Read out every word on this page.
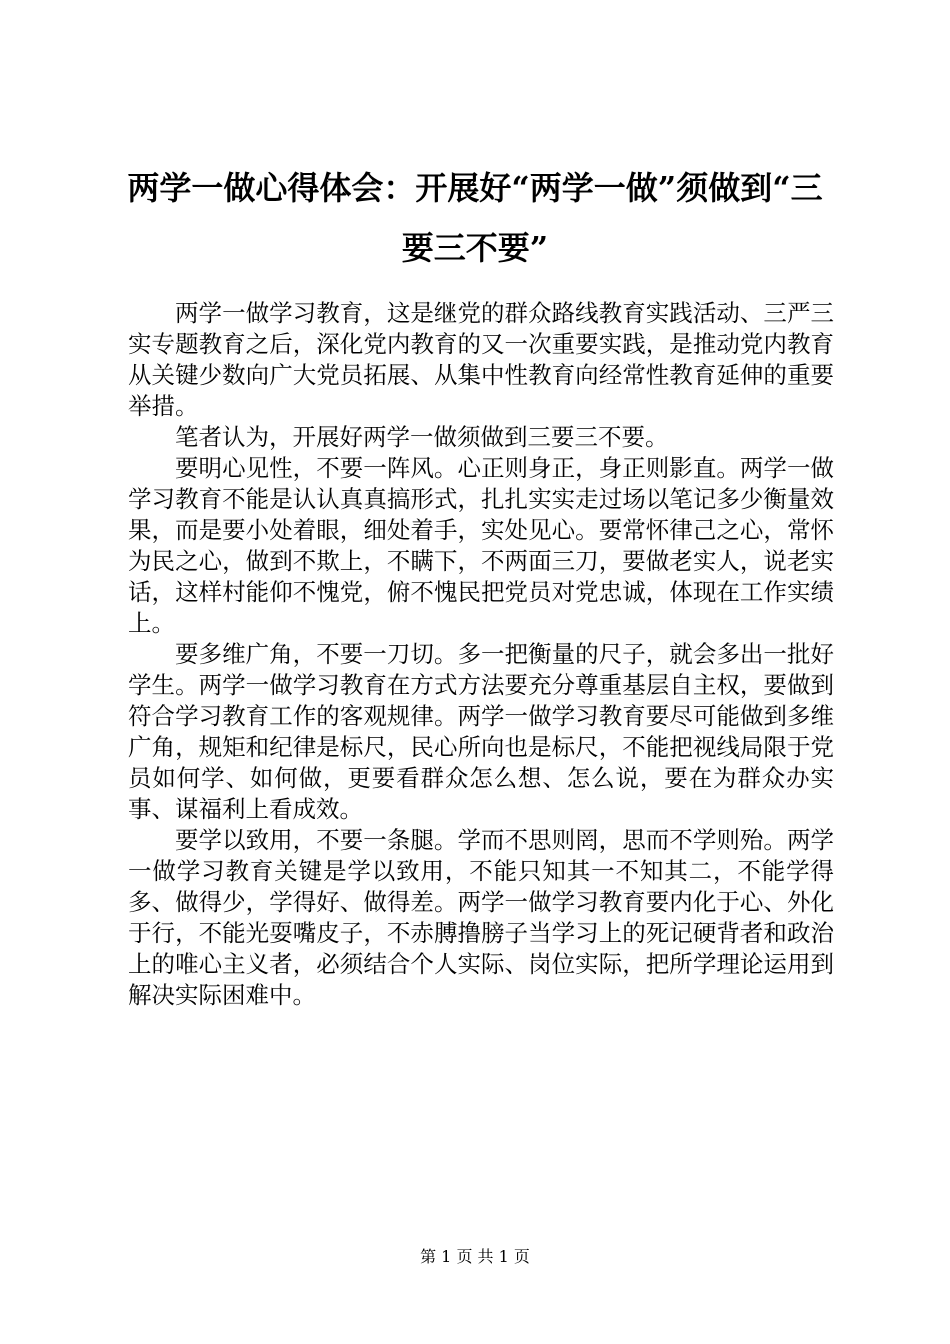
两学一做心得体会：开展好“两学一做”须做到“三要三不要”

两学一做学习教育，这是继党的群众路线教育实践活动、三严三实专题教育之后，深化党内教育的又一次重要实践，是推动党内教育从关键少数向广大党员拓展、从集中性教育向经常性教育延伸的重要举措。

笔者认为，开展好两学一做须做到三要三不要。

要明心见性，不要一阵风。心正则身正，身正则影直。两学一做学习教育不能是认认真真搞形式，扎扎实实走过场以笔记多少衡量效果，而是要小处着眼，细处着手，实处见心。要常怀律己之心，常怀为民之心，做到不欺上，不瞒下，不两面三刀，要做老实人，说老实话，这样村能仰不愧党，俯不愧民把党员对党忠诚，体现在工作实绩上。

要多维广角，不要一刀切。多一把衡量的尺子，就会多出一批好学生。两学一做学习教育在方式方法要充分尊重基层自主权，要做到符合学习教育工作的客观规律。两学一做学习教育要尽可能做到多维广角，规矩和纪律是标尺，民心所向也是标尺，不能把视线局限于党员如何学、如何做，更要看群众怎么想、怎么说，要在为群众办实事、谋福利上看成效。

要学以致用，不要一条腿。学而不思则罔，思而不学则殆。两学一做学习教育关键是学以致用，不能只知其一不知其二，不能学得多、做得少，学得好、做得差。两学一做学习教育要内化于心、外化于行，不能光耍嘴皮子，不赤膊撸膀子当学习上的死记硬背者和政治上的唯心主义者，必须结合个人实际、岗位实际，把所学理论运用到解决实际困难中。

第 1 页 共 1 页
